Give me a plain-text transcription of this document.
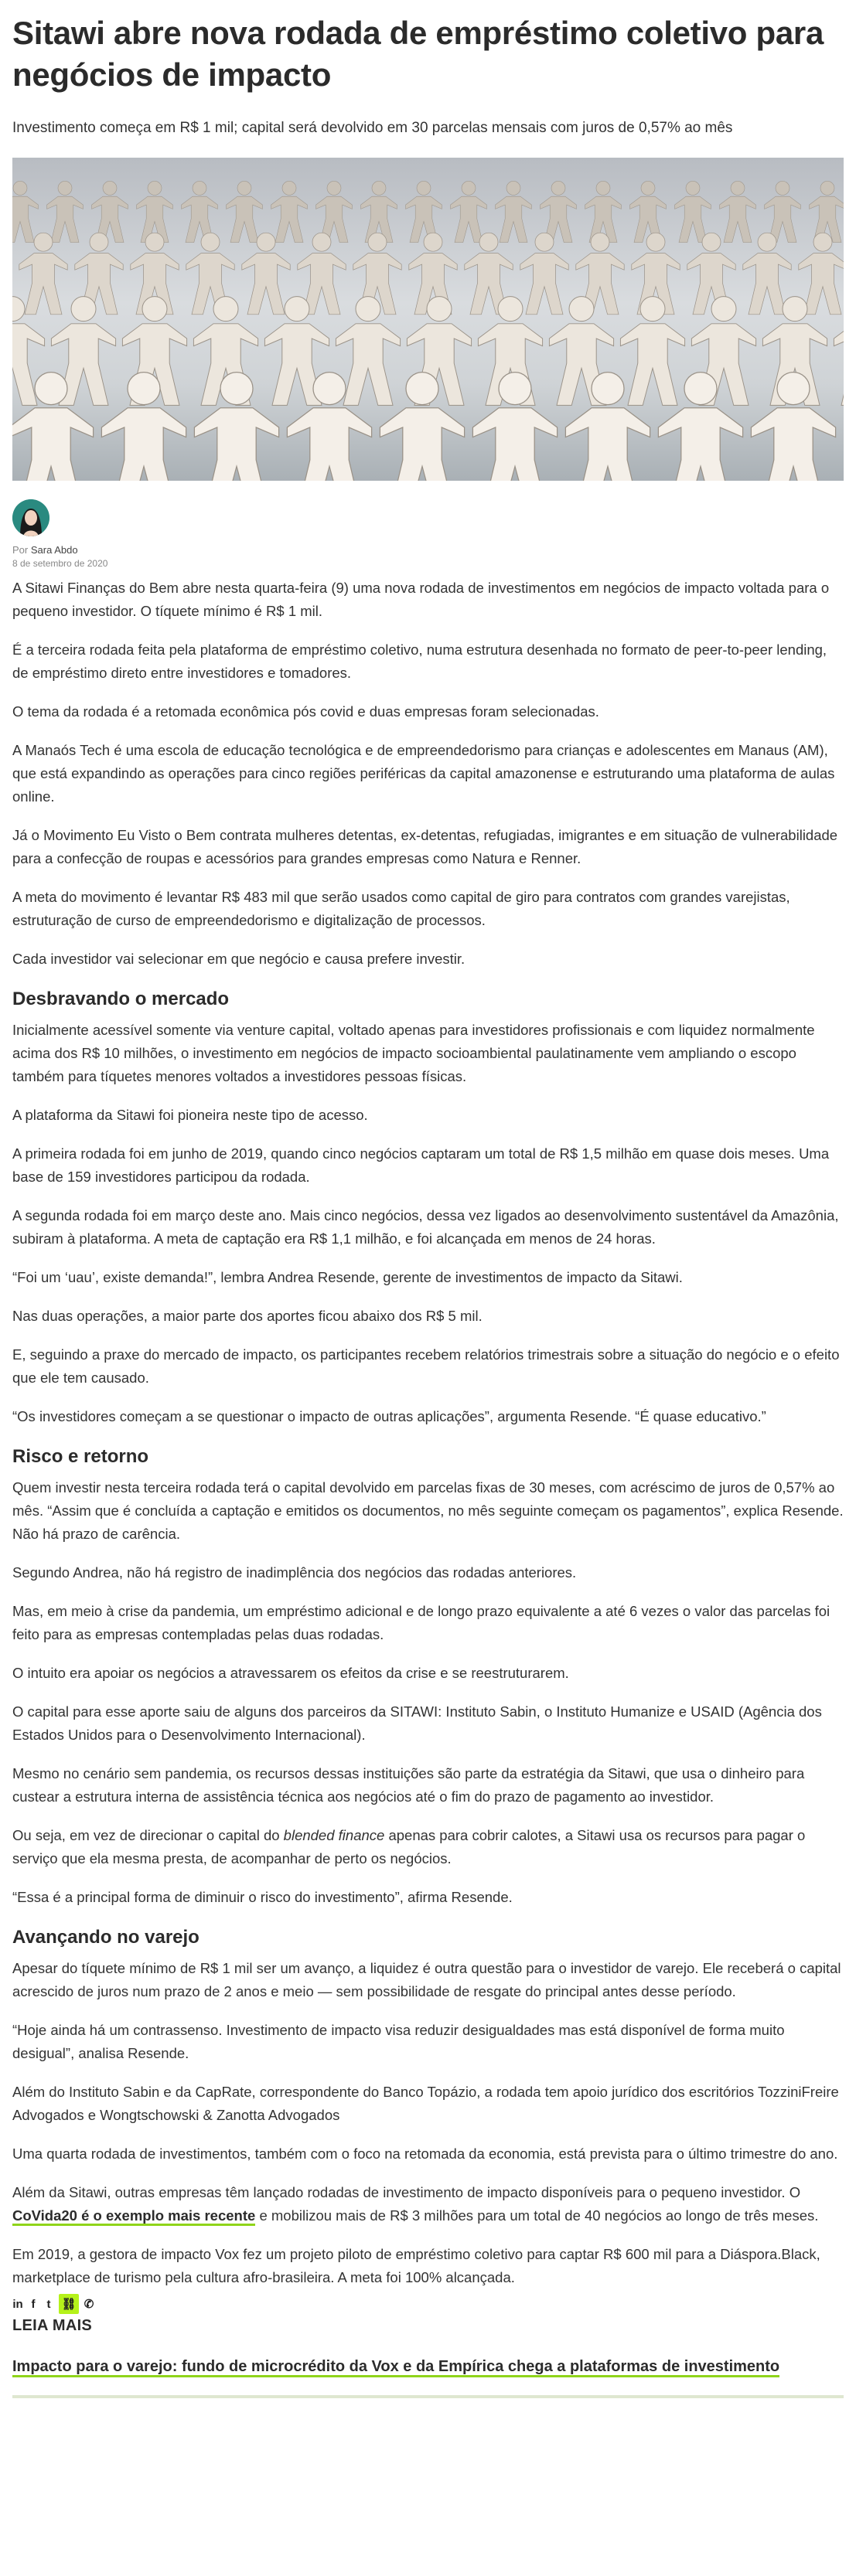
Sitawi abre nova rodada de empréstimo coletivo para negócios de impacto

Investimento começa em R$ 1 mil; capital será devolvido em 30 parcelas mensais com juros de 0,57% ao mês

Por Sara Abdo
8 de setembro de 2020

A Sitawi Finanças do Bem abre nesta quarta-feira (9) uma nova rodada de investimentos em negócios de impacto voltada para o pequeno investidor. O tíquete mínimo é R$ 1 mil.

É a terceira rodada feita pela plataforma de empréstimo coletivo, numa estrutura desenhada no formato de peer-to-peer lending, de empréstimo direto entre investidores e tomadores.

O tema da rodada é a retomada econômica pós covid e duas empresas foram selecionadas.

A Manaós Tech é uma escola de educação tecnológica e de empreendedorismo para crianças e adolescentes em Manaus (AM), que está expandindo as operações para cinco regiões periféricas da capital amazonense e estruturando uma plataforma de aulas online.

Já o Movimento Eu Visto o Bem contrata mulheres detentas, ex-detentas, refugiadas, imigrantes e em situação de vulnerabilidade para a confecção de roupas e acessórios para grandes empresas como Natura e Renner.

A meta do movimento é levantar R$ 483 mil que serão usados como capital de giro para contratos com grandes varejistas, estruturação de curso de empreendedorismo e digitalização de processos.

Cada investidor vai selecionar em que negócio e causa prefere investir.

Desbravando o mercado

Inicialmente acessível somente via venture capital, voltado apenas para investidores profissionais e com liquidez normalmente acima dos R$ 10 milhões, o investimento em negócios de impacto socioambiental paulatinamente vem ampliando o escopo também para tíquetes menores voltados a investidores pessoas físicas.

A plataforma da Sitawi foi pioneira neste tipo de acesso.

A primeira rodada foi em junho de 2019, quando cinco negócios captaram um total de R$ 1,5 milhão em quase dois meses. Uma base de 159 investidores participou da rodada.

A segunda rodada foi em março deste ano. Mais cinco negócios, dessa vez ligados ao desenvolvimento sustentável da Amazônia, subiram à plataforma. A meta de captação era R$ 1,1 milhão, e foi alcançada em menos de 24 horas.

“Foi um ‘uau’, existe demanda!”, lembra Andrea Resende, gerente de investimentos de impacto da Sitawi.

Nas duas operações, a maior parte dos aportes ficou abaixo dos R$ 5 mil.

E, seguindo a praxe do mercado de impacto, os participantes recebem relatórios trimestrais sobre a situação do negócio e o efeito que ele tem causado.

“Os investidores começam a se questionar o impacto de outras aplicações”, argumenta Resende. “É quase educativo.”

Risco e retorno

Quem investir nesta terceira rodada terá o capital devolvido em parcelas fixas de 30 meses, com acréscimo de juros de 0,57% ao mês. “Assim que é concluída a captação e emitidos os documentos, no mês seguinte começam os pagamentos”, explica Resende. Não há prazo de carência.

Segundo Andrea, não há registro de inadimplência dos negócios das rodadas anteriores.

Mas, em meio à crise da pandemia, um empréstimo adicional e de longo prazo equivalente a até 6 vezes o valor das parcelas foi feito para as empresas contempladas pelas duas rodadas.

O intuito era apoiar os negócios a atravessarem os efeitos da crise e se reestruturarem.

O capital para esse aporte saiu de alguns dos parceiros da SITAWI: Instituto Sabin, o Instituto Humanize e USAID (Agência dos Estados Unidos para o Desenvolvimento Internacional).

Mesmo no cenário sem pandemia, os recursos dessas instituições são parte da estratégia da Sitawi, que usa o dinheiro para custear a estrutura interna de assistência técnica aos negócios até o fim do prazo de pagamento ao investidor.

Ou seja, em vez de direcionar o capital do blended finance apenas para cobrir calotes, a Sitawi usa os recursos para pagar o serviço que ela mesma presta, de acompanhar de perto os negócios.

“Essa é a principal forma de diminuir o risco do investimento”, afirma Resende.

Avançando no varejo

Apesar do tíquete mínimo de R$ 1 mil ser um avanço, a liquidez é outra questão para o investidor de varejo. Ele receberá o capital acrescido de juros num prazo de 2 anos e meio — sem possibilidade de resgate do principal antes desse período.

“Hoje ainda há um contrassenso. Investimento de impacto visa reduzir desigualdades mas está disponível de forma muito desigual”, analisa Resende.

Além do Instituto Sabin e da CapRate, correspondente do Banco Topázio, a rodada tem apoio jurídico dos escritórios TozziniFreire Advogados e Wongtschowski & Zanotta Advogados

Uma quarta rodada de investimentos, também com o foco na retomada da economia, está prevista para o último trimestre do ano.

Além da Sitawi, outras empresas têm lançado rodadas de investimento de impacto disponíveis para o pequeno investidor. O CoVida20 é o exemplo mais recente e mobilizou mais de R$ 3 milhões para um total de 40 negócios ao longo de três meses.

Em 2019, a gestora de impacto Vox fez um projeto piloto de empréstimo coletivo para captar R$ 600 mil para a Diáspora.Black, marketplace de turismo pela cultura afro-brasileira. A meta foi 100% alcançada.

in f	t ⛓ ✆
LEIA MAIS
Impacto para o varejo: fundo de microcrédito da Vox e da Empírica chega a plataformas de investimento
